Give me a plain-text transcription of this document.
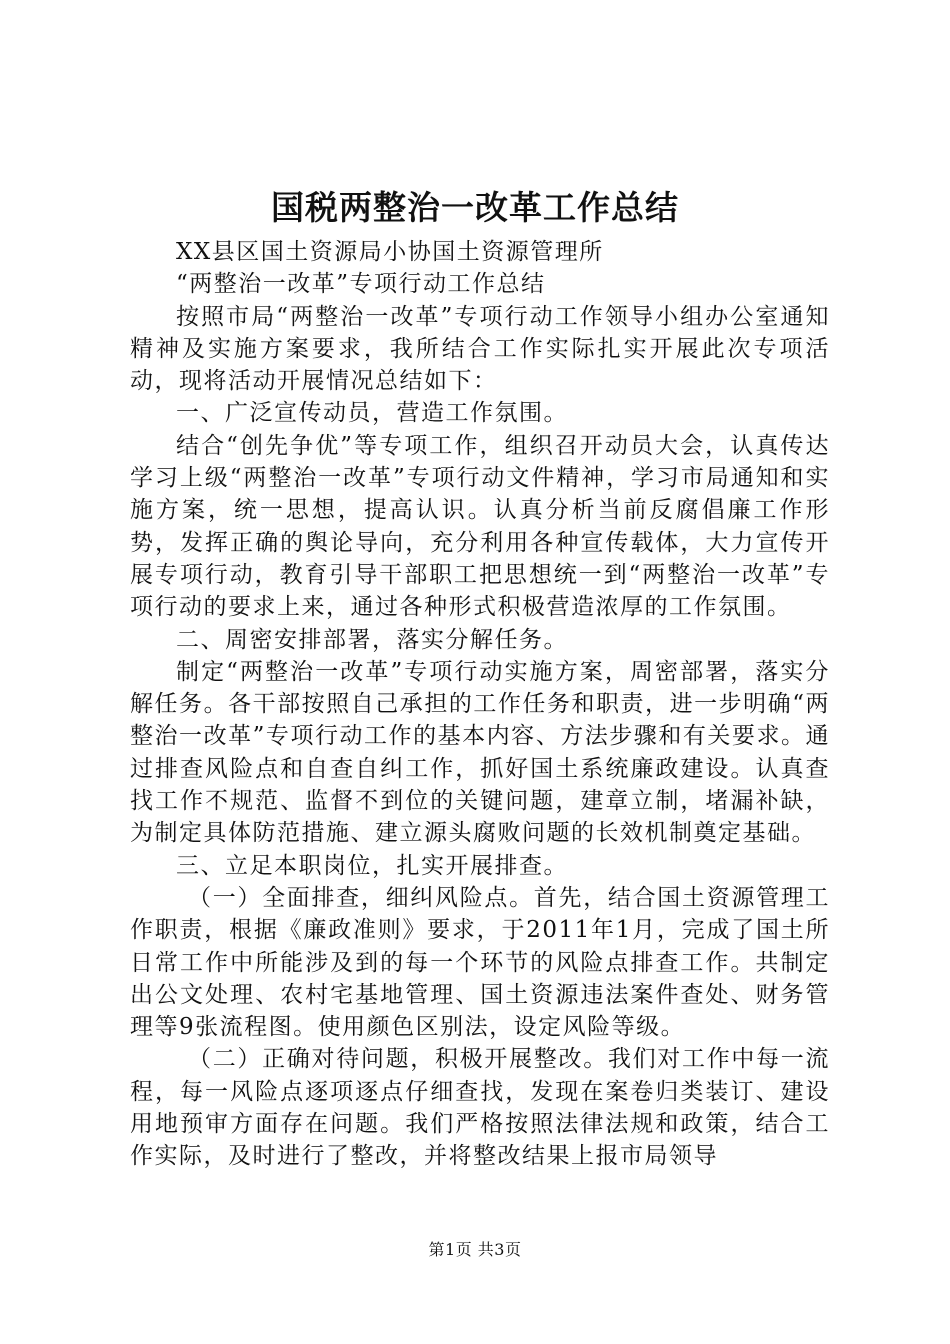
国税两整治一改革工作总结

XX县区国土资源局小协国土资源管理所

“两整治一改革”专项行动工作总结

按照市局“两整治一改革”专项行动工作领导小组办公室通知精神及实施方案要求，我所结合工作实际扎实开展此次专项活动，现将活动开展情况总结如下：

一、广泛宣传动员，营造工作氛围。

结合“创先争优”等专项工作，组织召开动员大会，认真传达学习上级“两整治一改革”专项行动文件精神，学习市局通知和实施方案，统一思想，提高认识。认真分析当前反腐倡廉工作形势，发挥正确的舆论导向，充分利用各种宣传载体，大力宣传开展专项行动，教育引导干部职工把思想统一到“两整治一改革”专项行动的要求上来，通过各种形式积极营造浓厚的工作氛围。

二、周密安排部署，落实分解任务。

制定“两整治一改革”专项行动实施方案，周密部署，落实分解任务。各干部按照自己承担的工作任务和职责，进一步明确“两整治一改革”专项行动工作的基本内容、方法步骤和有关要求。通过排查风险点和自查自纠工作，抓好国土系统廉政建设。认真查找工作不规范、监督不到位的关键问题，建章立制，堵漏补缺，为制定具体防范措施、建立源头腐败问题的长效机制奠定基础。

三、立足本职岗位，扎实开展排查。

（一）全面排查，细纠风险点。首先，结合国土资源管理工作职责，根据《廉政准则》要求，于2011年1月，完成了国土所日常工作中所能涉及到的每一个环节的风险点排查工作。共制定出公文处理、农村宅基地管理、国土资源违法案件查处、财务管理等9张流程图。使用颜色区别法，设定风险等级。

（二）正确对待问题，积极开展整改。我们对工作中每一流程，每一风险点逐项逐点仔细查找，发现在案卷归类装订、建设用地预审方面存在问题。我们严格按照法律法规和政策，结合工作实际，及时进行了整改，并将整改结果上报市局领导

第1页 共3页
